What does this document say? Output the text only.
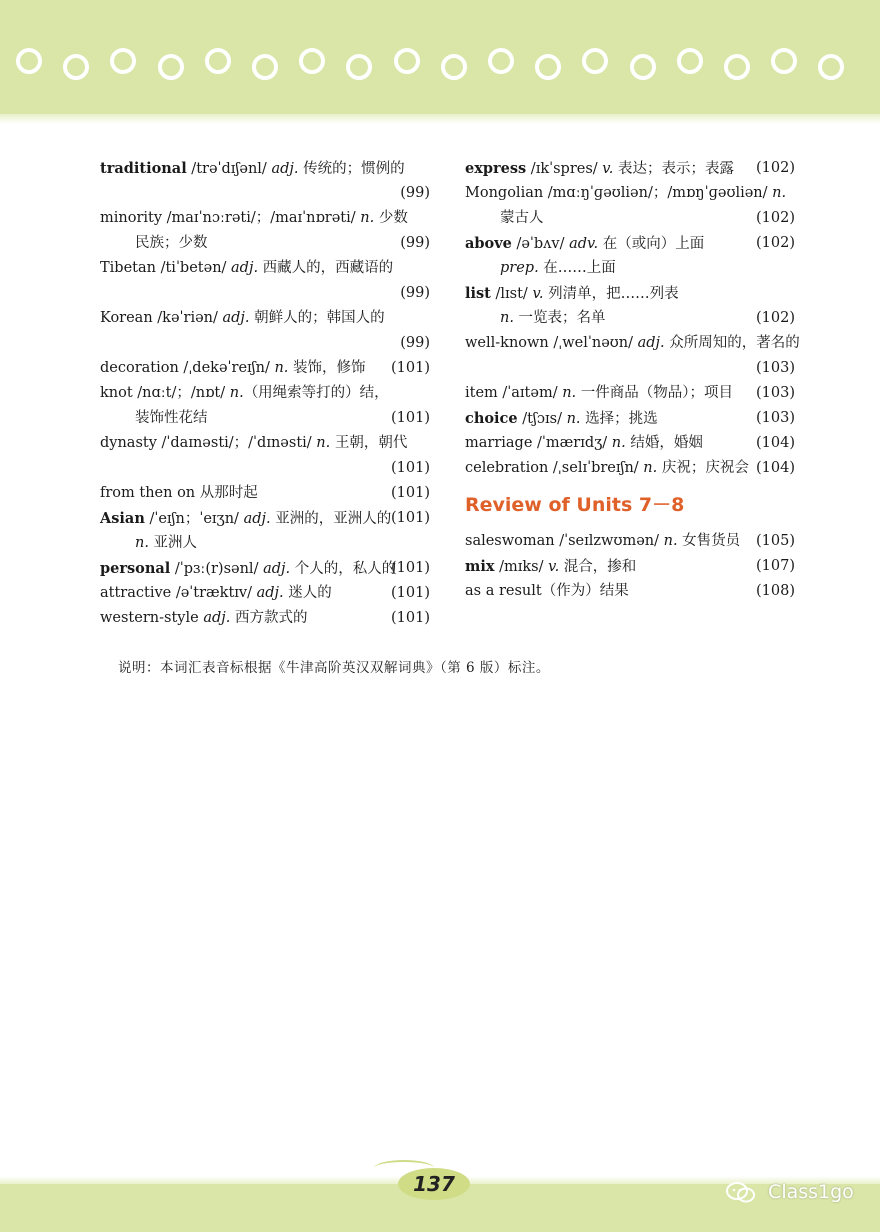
traditional /trəˈdɪʃənl/ adj. 传统的；惯例的
(99)
minority /maɪˈnɔːrəti/；/maɪˈnɒrəti/ n. 少数
民族；少数	(99)
Tibetan /tiˈbetən/ adj. 西藏人的，西藏语的
(99)
Korean /kəˈriən/ adj. 朝鲜人的；韩国人的
(99)
decoration /ˌdekəˈreɪʃn/ n. 装饰，修饰 (101)
knot /nɑːt/；/nɒt/ n.（用绳索等打的）结，
装饰性花结	(101)
dynasty /ˈdaɪnəsti/；/ˈdɪnəsti/ n. 王朝，朝代
(101)
from then on 从那时起	(101)
Asian /ˈeɪʃn；ˈeɪʒn/ adj. 亚洲的，亚洲人的 (101)
n. 亚洲人
personal /ˈpɜː(r)sənl/ adj. 个人的，私人的
(101)
attractive /əˈtræktɪv/ adj. 迷人的	(101)
western-style adj. 西方款式的	(101)
express /ɪkˈspres/ v. 表达；表示；表露 (102)
Mongolian /mɑːŋˈɡəʊliən/；/mɒŋˈɡəʊliən/ n.
蒙古人	(102)
above /əˈbʌv/ adv. 在（或向）上面	(102)
prep. 在……上面
list /lɪst/ v. 列清单，把……列表
n. 一览表；名单	(102)
well-known /ˌwelˈnəʊn/ adj. 众所周知的，著名的
(103)
item /ˈaɪtəm/ n. 一件商品（物品）；项目 (103)
choice /tʃɔɪs/ n. 选择；挑选	(103)
marriage /ˈmærɪdʒ/ n. 结婚，婚姻	(104)
celebration /ˌselɪˈbreɪʃn/ n. 庆祝；庆祝会 (104)
Review of Units 7－8
saleswoman /ˈseɪlzwʊmən/ n. 女售货员 (105)
mix /mɪks/ v. 混合，掺和	(107)
as a result（作为）结果	(108)
说明：本词汇表音标根据《牛津高阶英汉双解词典》（第 6 版）标注。
137	Class1go
